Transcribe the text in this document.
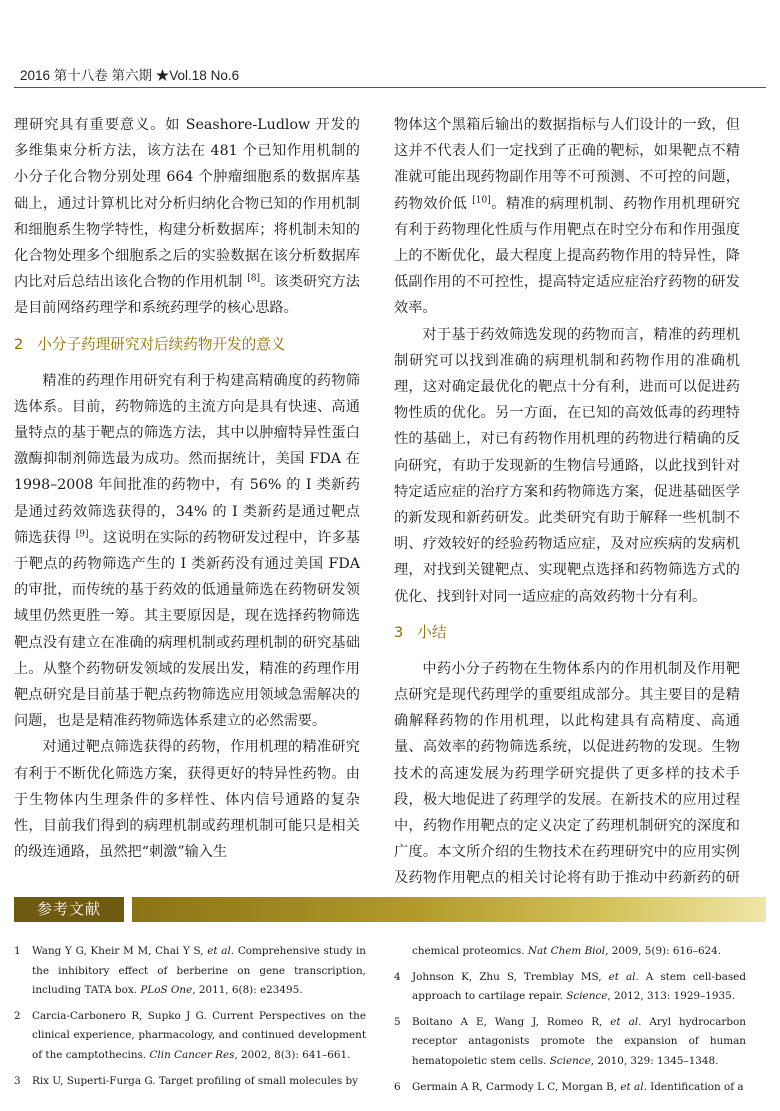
2016 第十八卷 第六期 ★Vol.18 No.6

理研究具有重要意义。如 Seashore-Ludlow 开发的多维集束分析方法，该方法在 481 个已知作用机制的小分子化合物分别处理 664 个肿瘤细胞系的数据库基础上，通过计算机比对分析归纳化合物已知的作用机制和细胞系生物学特性，构建分析数据库；将机制未知的化合物处理多个细胞系之后的实验数据在该分析数据库内比对后总结出该化合物的作用机制 [8]。该类研究方法是目前网络药理学和系统药理学的核心思路。

2 小分子药理研究对后续药物开发的意义

精准的药理作用研究有利于构建高精确度的药物筛选体系。目前，药物筛选的主流方向是具有快速、高通量特点的基于靶点的筛选方法，其中以肿瘤特异性蛋白激酶抑制剂筛选最为成功。然而据统计，美国 FDA 在 1998–2008 年间批准的药物中，有 56% 的 I 类新药是通过药效筛选获得的，34% 的 I 类新药是通过靶点筛选获得 [9]。这说明在实际的药物研发过程中，许多基于靶点的药物筛选产生的 I 类新药没有通过美国 FDA 的审批，而传统的基于药效的低通量筛选在药物研发领域里仍然更胜一筹。其主要原因是，现在选择药物筛选靶点没有建立在准确的病理机制或药理机制的研究基础上。从整个药物研发领域的发展出发，精准的药理作用靶点研究是目前基于靶点药物筛选应用领域急需解决的问题，也是是精准药物筛选体系建立的必然需要。

对通过靶点筛选获得的药物，作用机理的精准研究有利于不断优化筛选方案，获得更好的特异性药物。由于生物体内生理条件的多样性、体内信号通路的复杂性，目前我们得到的病理机制或药理机制可能只是相关的级连通路，虽然把“刺激”输入生

物体这个黑箱后输出的数据指标与人们设计的一致，但这并不代表人们一定找到了正确的靶标，如果靶点不精准就可能出现药物副作用等不可预测、不可控的问题，药物效价低 [10]。精准的病理机制、药物作用机理研究有利于药物理化性质与作用靶点在时空分布和作用强度上的不断优化，最大程度上提高药物作用的特异性，降低副作用的不可控性，提高特定适应症治疗药物的研发效率。

对于基于药效筛选发现的药物而言，精准的药理机制研究可以找到准确的病理机制和药物作用的准确机理，这对确定最优化的靶点十分有利，进而可以促进药物性质的优化。另一方面，在已知的高效低毒的药理特性的基础上，对已有药物作用机理的药物进行精确的反向研究，有助于发现新的生物信号通路，以此找到针对特定适应症的治疗方案和药物筛选方案，促进基础医学的新发现和新药研发。此类研究有助于解释一些机制不明、疗效较好的经验药物适应症，及对应疾病的发病机理，对找到关键靶点、实现靶点选择和药物筛选方式的优化、找到针对同一适应症的高效药物十分有利。

3 小结

中药小分子药物在生物体系内的作用机制及作用靶点研究是现代药理学的重要组成部分。其主要目的是精确解释药物的作用机理，以此构建具有高精度、高通量、高效率的药物筛选系统，以促进药物的发现。生物技术的高速发展为药理学研究提供了更多样的技术手段，极大地促进了药理学的发展。在新技术的应用过程中，药物作用靶点的定义决定了药理机制研究的深度和广度。本文所介绍的生物技术在药理研究中的应用实例及药物作用靶点的相关讨论将有助于推动中药新药的研

参考文献
1 Wang Y G, Kheir M M, Chai Y S, et al. Comprehensive study in the inhibitory effect of berberine on gene transcription, including TATA box. PLoS One, 2011, 6(8): e23495.
2 Carcia-Carbonero R, Supko J G. Current Perspectives on the clinical experience, pharmacology, and continued development of the camptothecins. Clin Cancer Res, 2002, 8(3): 641–661.
3 Rix U, Superti-Furga G. Target profiling of small molecules by
chemical proteomics. Nat Chem Biol, 2009, 5(9): 616–624.
4 Johnson K, Zhu S, Tremblay MS, et al. A stem cell-based approach to cartilage repair. Science, 2012, 313: 1929–1935.
5 Boitano A E, Wang J, Romeo R, et al. Aryl hydrocarbon receptor antagonists promote the expansion of human hematopoietic stem cells. Science, 2010, 329: 1345–1348.
6 Germain A R, Carmody L C, Morgan B, et al. Identification of a
